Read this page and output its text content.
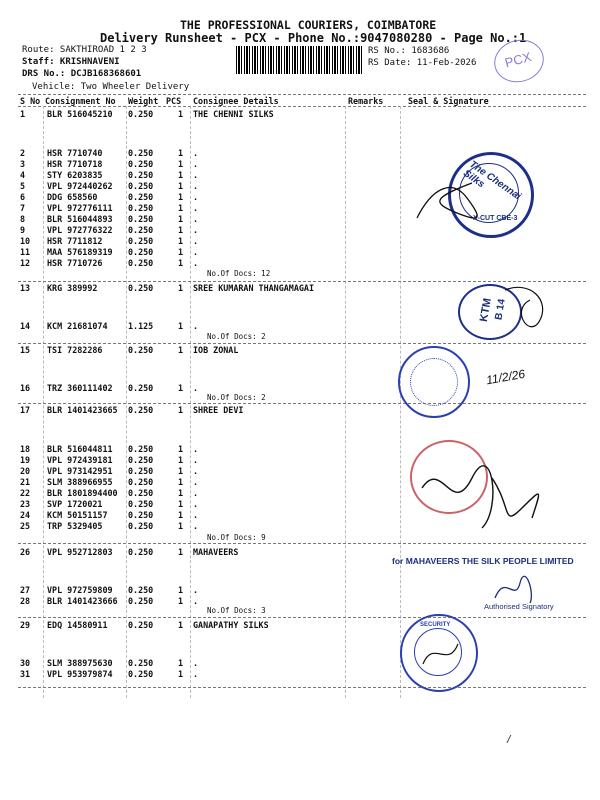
THE PROFESSIONAL COURIERS, COIMBATORE
Delivery Runsheet - PCX - Phone No.:9047080280 - Page No.:1
Route: SAKTHIROAD 1 2 3
Staff: KRISHNAVENI
DRS No.: DCJB168368601
Vehicle: Two Wheeler Delivery
RS No.: 1683686
RS Date: 11-Feb-2026 PCX
S No Consignment No Weight PCS Consignee Details	Remarks	Seal & Signature
1	BLR 516045210 0.250	1 THE CHENNI SILKS
2	HSR 7710740	0.250	1 .
3	HSR 7710718	0.250	1 .
4	STY 6203835	0.250	1 .
5	VPL 972440262 0.250	1 .
6	DDG 658560	0.250	1 .
7	VPL 972776111 0.250	1 .
8	BLR 516044893 0.250	1 .
9	VPL 972776322 0.250	1 .
10 HSR 7711812	0.250	1 .
11 MAA 576189319 0.250	1 .
12 HSR 7710726	0.250	1 .
13 KRG 389992	0.250	1 SREE KUMARAN THANGAMAGAI
14 KCM 21681074 1.125	1 .
15 TSI 7282286	0.250	1 IOB ZONAL
16 TRZ 360111402 0.250	1 .
17 BLR 1401423665 0.250	1 SHREE DEVI
18 BLR 516044811 0.250	1 .
19 VPL 972439181 0.250	1 .
20 VPL 973142951 0.250	1 .
21 SLM 388966955 0.250	1 .
22 BLR 1801894400 0.250	1 .
23 SVP 1720021	0.250	1 .
24 KCM 50151157 0.250	1 .
25 TRP 5329405	0.250	1 .
26 VPL 952712803 0.250	1 MAHAVEERS
27 VPL 972759809 0.250	1 .
28 BLR 1401423666 0.250	1 .
29 EDQ 14580911 0.250	1 GANAPATHY SILKS
30 SLM 388975630 0.250	1 .
31 VPL 953979874 0.250	1 .
No.Of Docs: 12
No.Of Docs: 2
No.Of Docs: 2
No.Of Docs: 9
No.Of Docs: 3
The Chennai Silks
X-CUT CBE-3
KTM B 14
11/2/26
for MAHAVEERS THE SILK PEOPLE LIMITED
Authorised Signatory
SECURITY
/
